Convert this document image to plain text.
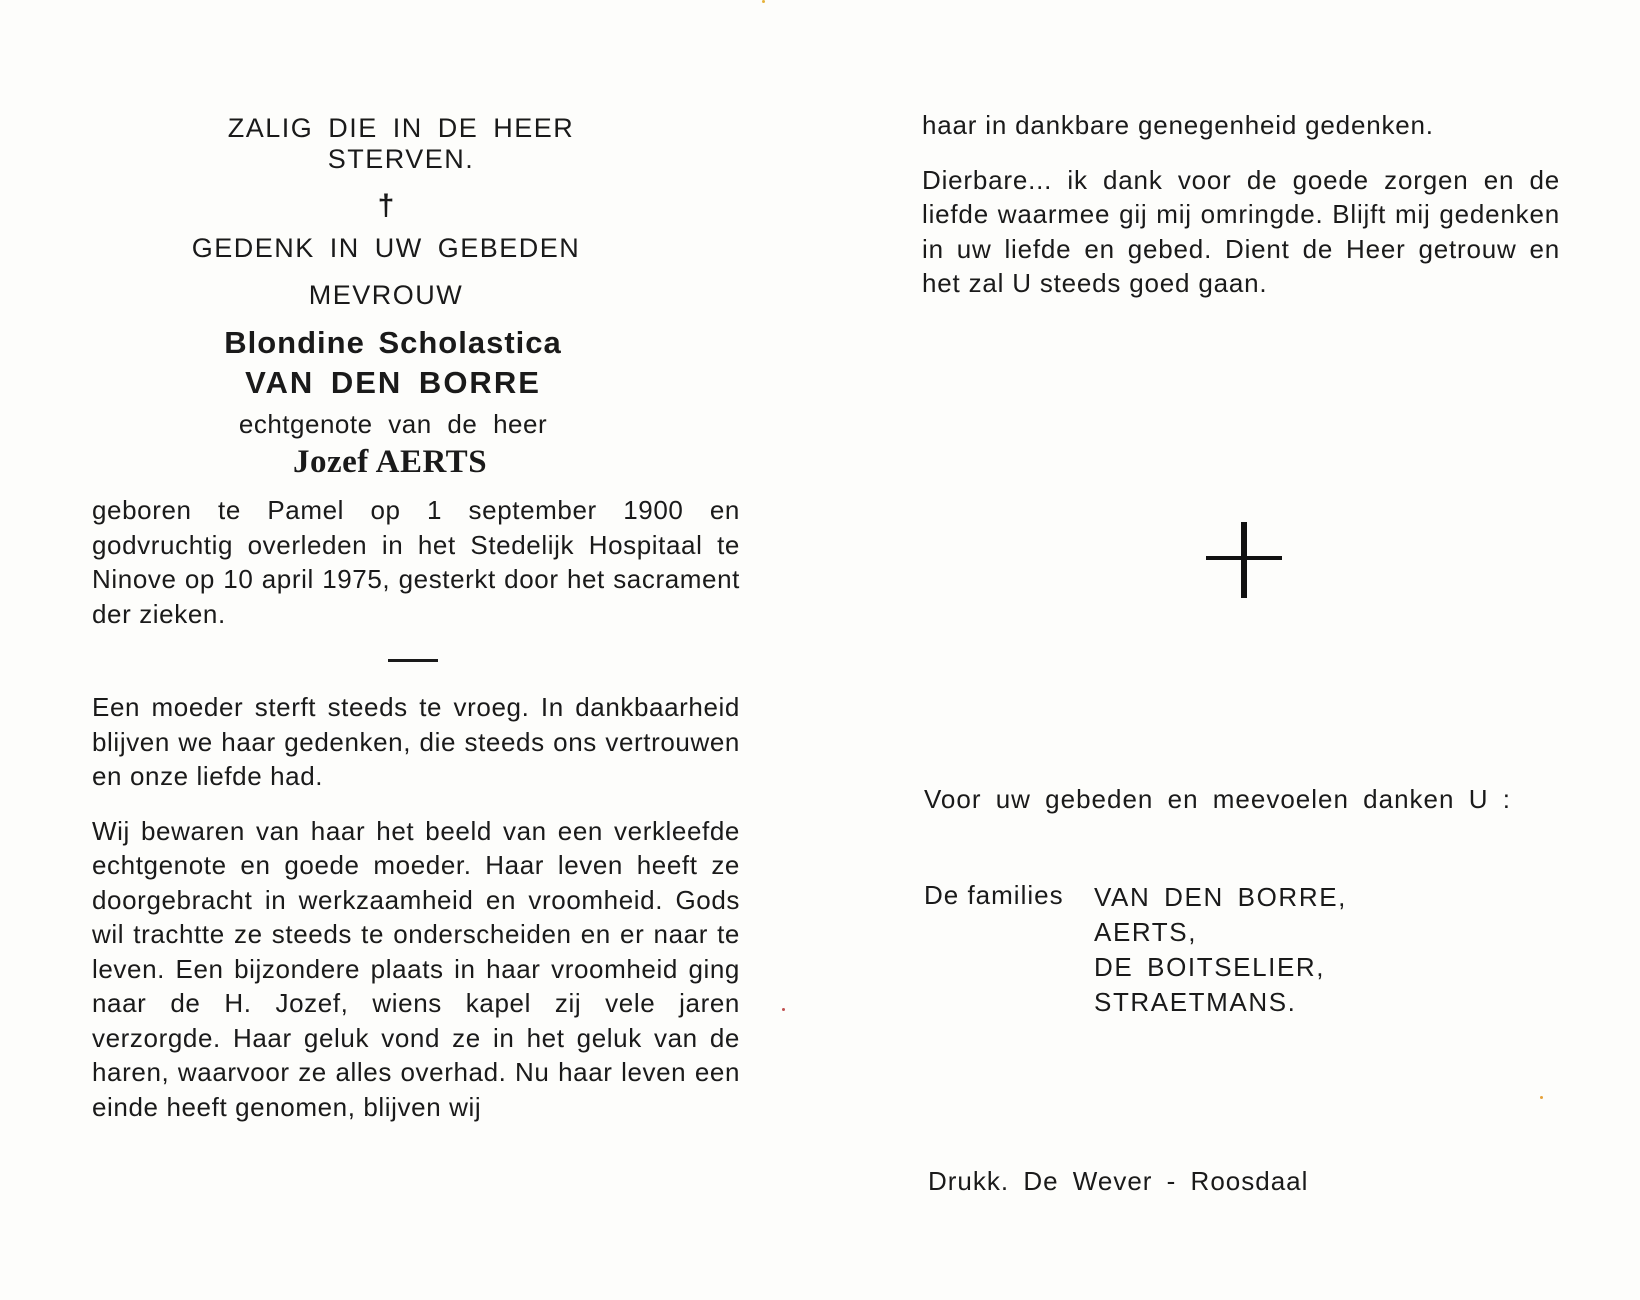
ZALIG DIE IN DE HEER STERVEN.
†
GEDENK IN UW GEBEDEN
MEVROUW
Blondine Scholastica
VAN DEN BORRE
echtgenote van de heer
Jozef AERTS

geboren te Pamel op 1 september 1900 en godvruchtig overleden in het Stedelijk Hospitaal te Ninove op 10 april 1975, gesterkt door het sacrament der zieken.

Een moeder sterft steeds te vroeg. In dankbaarheid blijven we haar gedenken, die steeds ons vertrouwen en onze liefde had.

Wij bewaren van haar het beeld van een verkleefde echtgenote en goede moeder. Haar leven heeft ze doorgebracht in werkzaamheid en vroomheid. Gods wil trachtte ze steeds te onderscheiden en er naar te leven. Een bijzondere plaats in haar vroomheid ging naar de H. Jozef, wiens kapel zij vele jaren verzorgde. Haar geluk vond ze in het geluk van de haren, waarvoor ze alles overhad. Nu haar leven een einde heeft genomen, blijven wij

haar in dankbare genegenheid gedenken.

Dierbare... ik dank voor de goede zorgen en de liefde waarmee gij mij omringde. Blijft mij gedenken in uw liefde en gebed. Dient de Heer getrouw en het zal U steeds goed gaan.

Voor uw gebeden en meevoelen danken U :
De families VAN DEN BORRE,
AERTS,
DE BOITSELIER,
STRAETMANS.
Drukk. De Wever - Roosdaal
